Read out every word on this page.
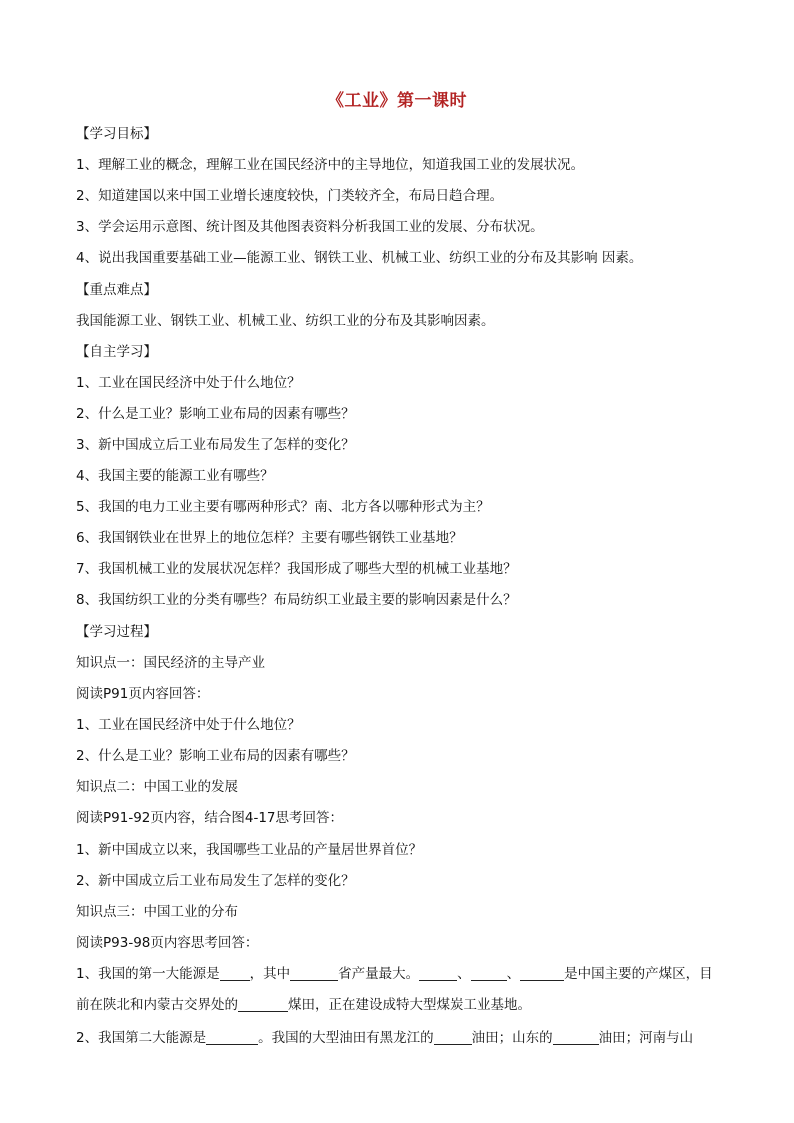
《工业》第一课时
【学习目标】
1、理解工业的概念，理解工业在国民经济中的主导地位，知道我国工业的发展状况。
2、知道建国以来中国工业增长速度较快，门类较齐全，布局日趋合理。
3、学会运用示意图、统计图及其他图表资料分析我国工业的发展、分布状况。
4、说出我国重要基础工业—能源工业、钢铁工业、机械工业、纺织工业的分布及其影响 因素。
【重点难点】
我国能源工业、钢铁工业、机械工业、纺织工业的分布及其影响因素。
【自主学习】
1、工业在国民经济中处于什么地位？
2、什么是工业？影响工业布局的因素有哪些？
3、新中国成立后工业布局发生了怎样的变化？
4、我国主要的能源工业有哪些？
5、我国的电力工业主要有哪两种形式？南、北方各以哪种形式为主？
6、我国钢铁业在世界上的地位怎样？主要有哪些钢铁工业基地？
7、我国机械工业的发展状况怎样？我国形成了哪些大型的机械工业基地？
8、我国纺织工业的分类有哪些？布局纺织工业最主要的影响因素是什么？
【学习过程】
知识点一：国民经济的主导产业
阅读P91页内容回答：
1、工业在国民经济中处于什么地位？
2、什么是工业？影响工业布局的因素有哪些？
知识点二：中国工业的发展
阅读P91-92页内容，结合图4-17思考回答：
1、新中国成立以来，我国哪些工业品的产量居世界首位？
2、新中国成立后工业布局发生了怎样的变化？
知识点三：中国工业的分布
阅读P93-98页内容思考回答：
1、我国的第一大能源是 ，其中	省产量最大。	、	、	是中国主要的产煤区，目
前在陕北和内蒙古交界处的	煤田，正在建设成特大型煤炭工业基地。
2、我国第二大能源是	。我国的大型油田有黑龙江的	油田；山东的	油田；河南与山
